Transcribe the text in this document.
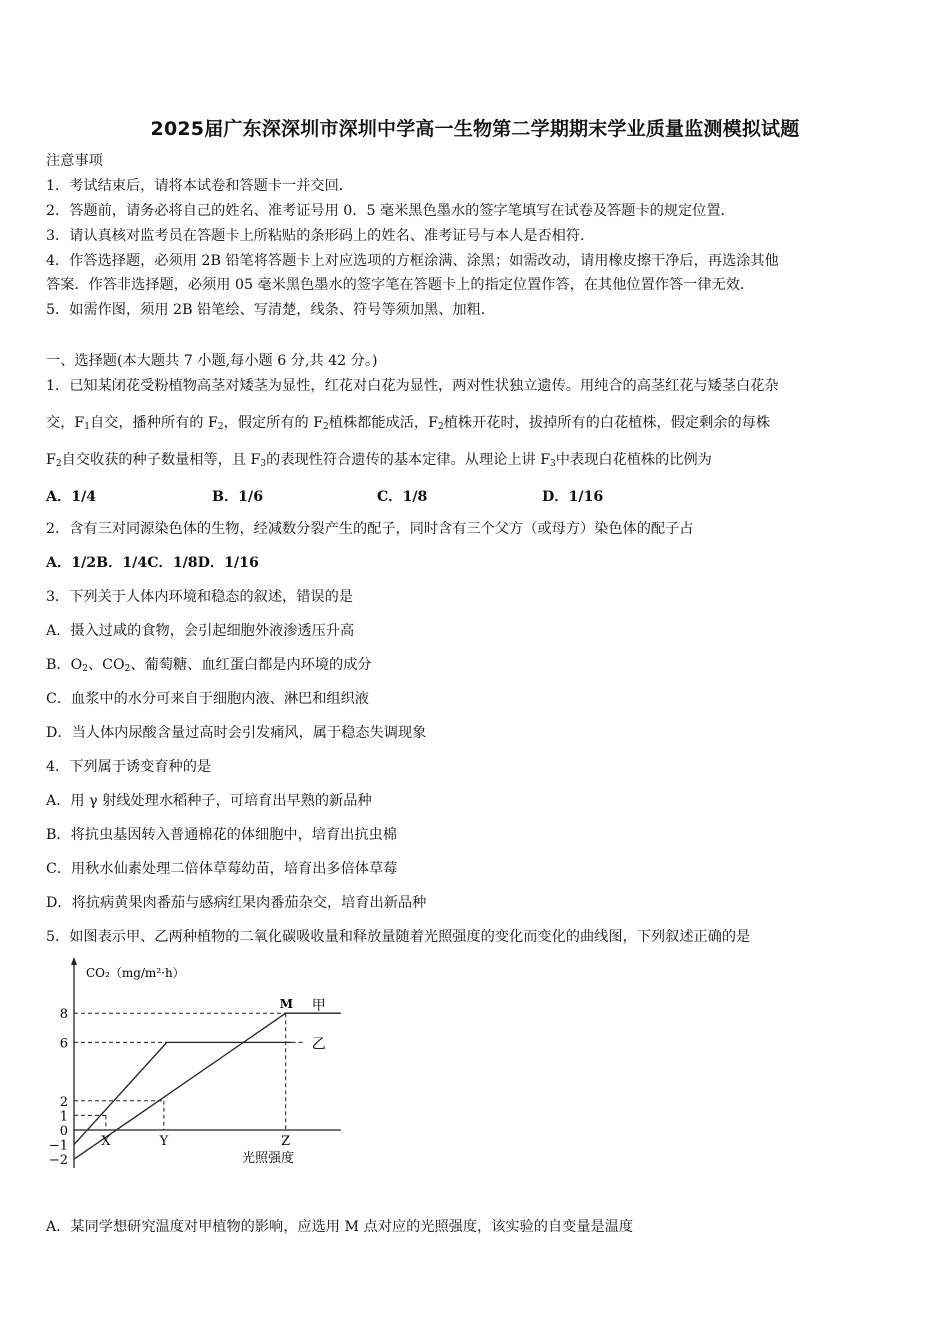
2025届广东深深圳市深圳中学高一生物第二学期期末学业质量监测模拟试题
注意事项
1．考试结束后，请将本试卷和答题卡一并交回．
2．答题前，请务必将自己的姓名、准考证号用 0．5 毫米黑色墨水的签字笔填写在试卷及答题卡的规定位置．
3．请认真核对监考员在答题卡上所粘贴的条形码上的姓名、准考证号与本人是否相符．
4．作答选择题，必须用 2B 铅笔将答题卡上对应选项的方框涂满、涂黑；如需改动，请用橡皮擦干净后，再选涂其他
答案．作答非选择题，必须用 05 毫米黑色墨水的签字笔在答题卡上的指定位置作答，在其他位置作答一律无效．
5．如需作图，须用 2B 铅笔绘、写清楚，线条、符号等须加黑、加粗．
一、选择题(本大题共 7 小题,每小题 6 分,共 42 分。)
1．已知某闭花受粉植物高茎对矮茎为显性，红花对白花为显性，两对性状独立遗传。用纯合的高茎红花与矮茎白花杂
交，$F_1$自交，播种所有的 $F_2$，假定所有的 $F_2$植株都能成活，$F_2$植株开花时，拔掉所有的白花植株，假定剩余的每株
$F_2$自交收获的种子数量相等，且 $F_3$的表现性符合遗传的基本定律。从理论上讲 $F_3$中表现白花植株的比例为
A．1/4	B．1/6	C．1/8	D．1/16
2．含有三对同源染色体的生物，经减数分裂产生的配子，同时含有三个父方（或母方）染色体的配子占
A．1/2B．1/4C．1/8D．1/16
3．下列关于人体内环境和稳态的叙述，错误的是
A．摄入过咸的食物，会引起细胞外液渗透压升高
B．$O_2$、$CO_2$、葡萄糖、血红蛋白都是内环境的成分
C．血浆中的水分可来自于细胞内液、淋巴和组织液
D．当人体内尿酸含量过高时会引发痛风，属于稳态失调现象
4．下列属于诱变育种的是
A．用 γ 射线处理水稻种子，可培育出早熟的新品种
B．将抗虫基因转入普通棉花的体细胞中，培育出抗虫棉
C．用秋水仙素处理二倍体草莓幼苗，培育出多倍体草莓
D．将抗病黄果肉番茄与感病红果肉番茄杂交，培育出新品种
5．如图表示甲、乙两种植物的二氧化碳吸收量和释放量随着光照强度的变化而变化的曲线图，下列叙述正确的是
CO₂（mg/m²·h）
光照强度
8
6
2
1
0
−1
−2
X	Y	Z
M 甲
乙
A．某同学想研究温度对甲植物的影响，应选用 M 点对应的光照强度，该实验的自变量是温度
